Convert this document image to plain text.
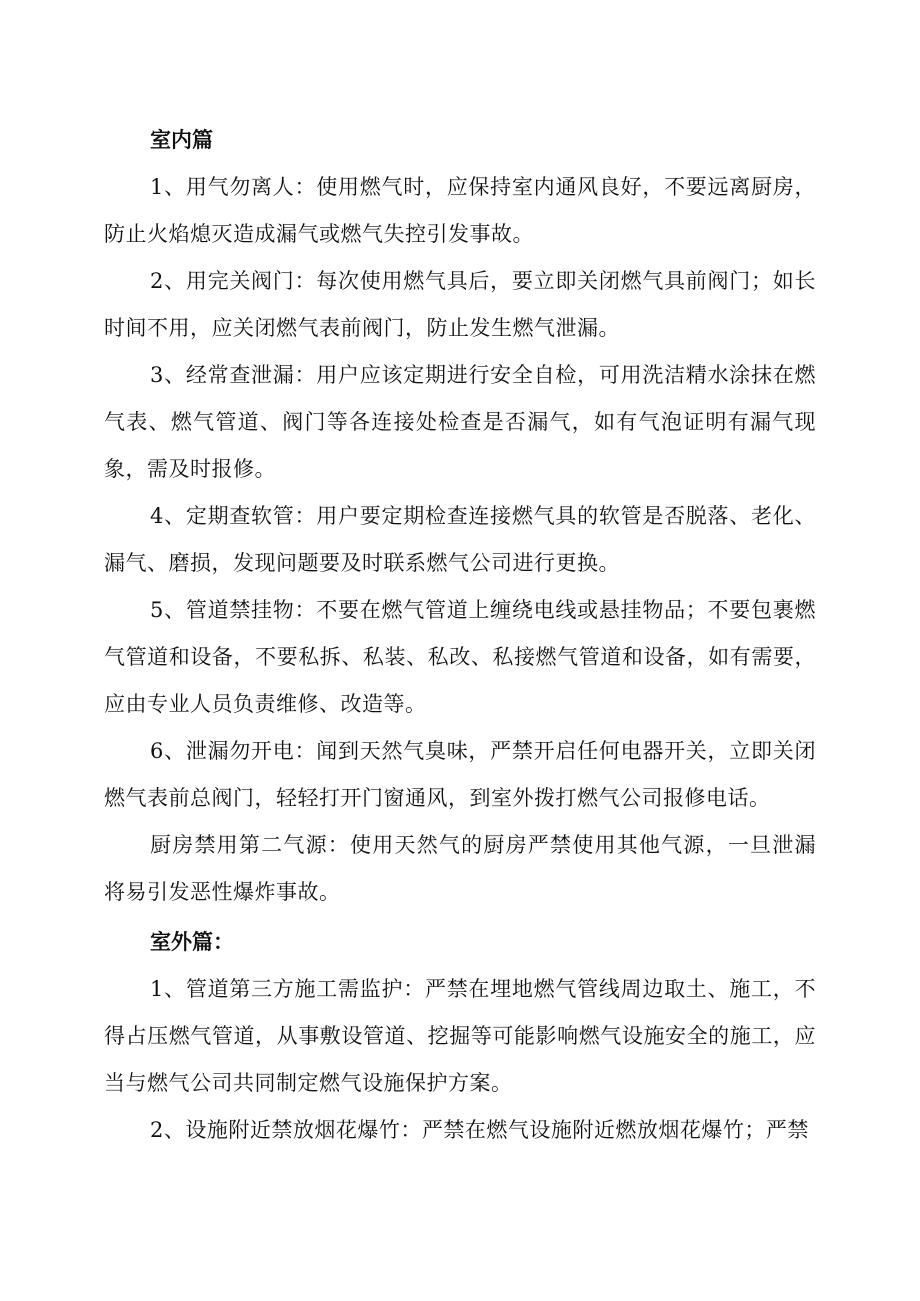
室内篇

1、用气勿离人：使用燃气时，应保持室内通风良好，不要远离厨房，防止火焰熄灭造成漏气或燃气失控引发事故。

2、用完关阀门：每次使用燃气具后，要立即关闭燃气具前阀门；如长时间不用，应关闭燃气表前阀门，防止发生燃气泄漏。

3、经常查泄漏：用户应该定期进行安全自检，可用洗洁精水涂抹在燃气表、燃气管道、阀门等各连接处检查是否漏气，如有气泡证明有漏气现象，需及时报修。

4、定期查软管：用户要定期检查连接燃气具的软管是否脱落、老化、漏气、磨损，发现问题要及时联系燃气公司进行更换。

5、管道禁挂物：不要在燃气管道上缠绕电线或悬挂物品；不要包裹燃气管道和设备，不要私拆、私装、私改、私接燃气管道和设备，如有需要，应由专业人员负责维修、改造等。

6、泄漏勿开电：闻到天然气臭味，严禁开启任何电器开关，立即关闭燃气表前总阀门，轻轻打开门窗通风，到室外拨打燃气公司报修电话。

厨房禁用第二气源：使用天然气的厨房严禁使用其他气源，一旦泄漏将易引发恶性爆炸事故。

室外篇：

1、管道第三方施工需监护：严禁在埋地燃气管线周边取土、施工，不得占压燃气管道，从事敷设管道、挖掘等可能影响燃气设施安全的施工，应当与燃气公司共同制定燃气设施保护方案。

2、设施附近禁放烟花爆竹：严禁在燃气设施附近燃放烟花爆竹；严禁
